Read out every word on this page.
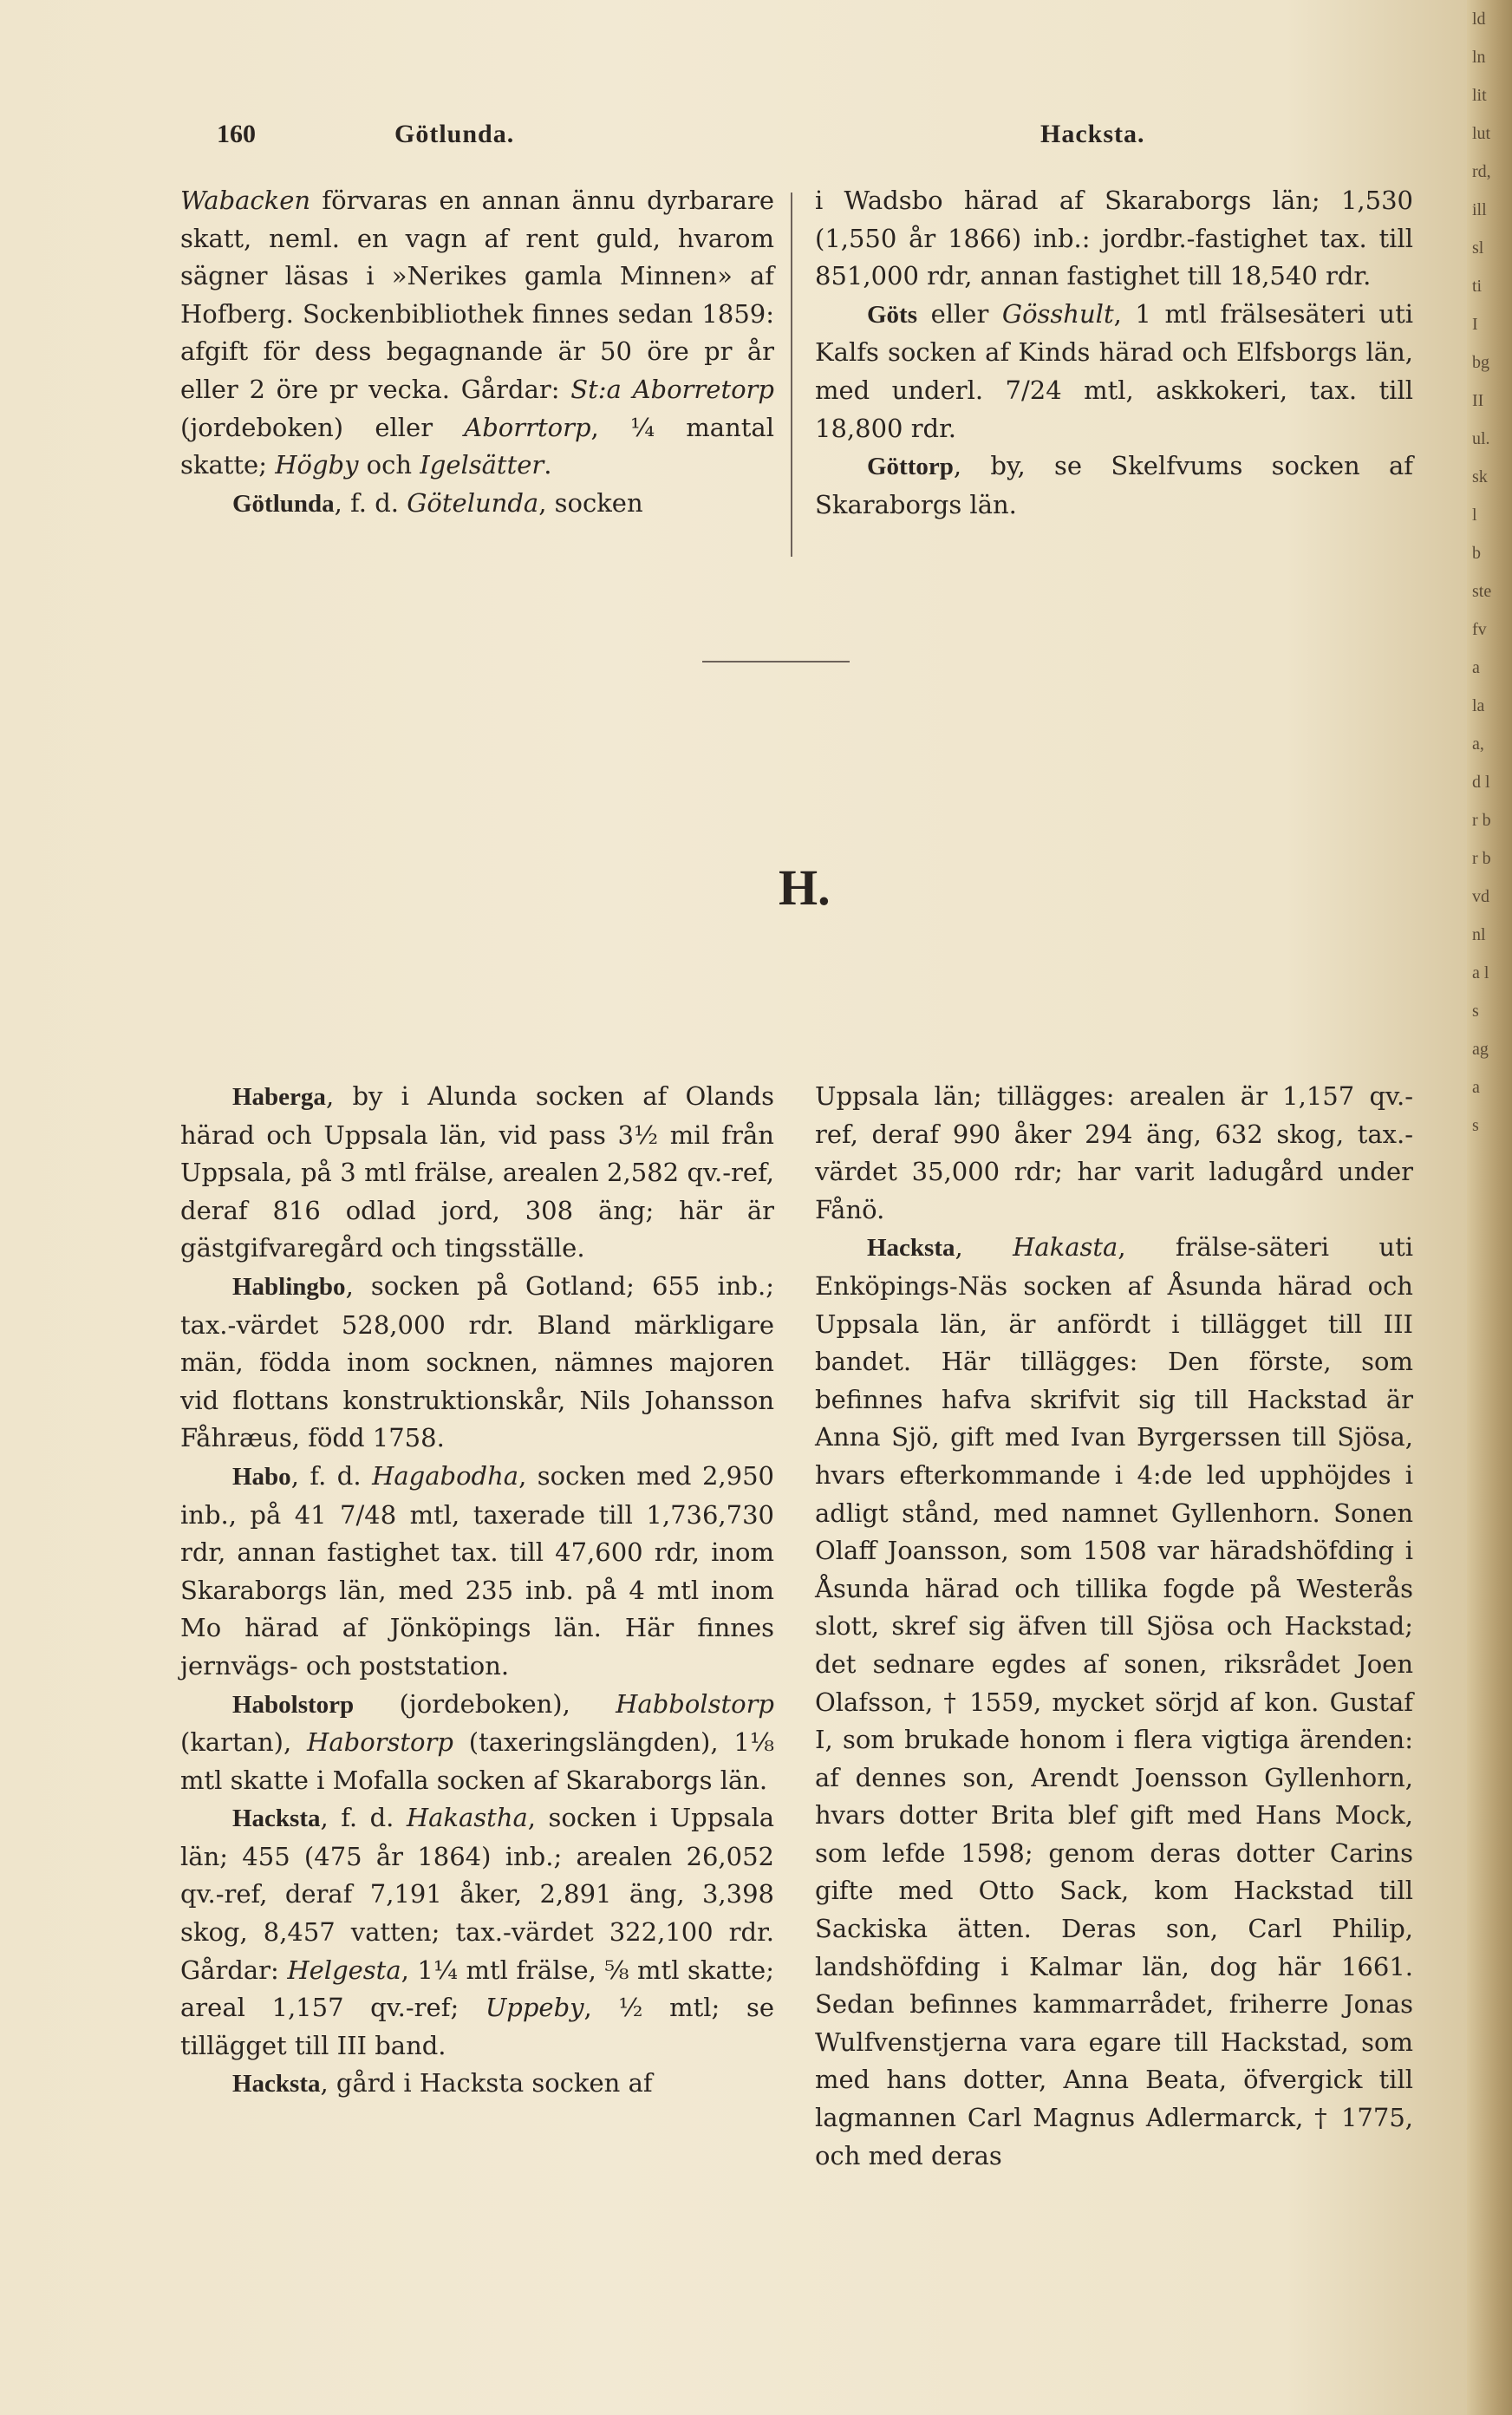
ld
ln
lit
lut
rd,
ill
sl
ti
I
bg
II
ul.
sk
l
b
ste
fv
a
la
a,
d l
r b
r b
vd
nl
a l
s
ag
a
s
160	Götlunda.	Hacksta.

Wabacken förvaras en annan ännu dyrbarare skatt, neml. en vagn af rent guld, hvarom sägner läsas i »Nerikes gamla Minnen» af Hofberg. Sockenbibliothek finnes sedan 1859: afgift för dess begagnande är 50 öre pr år eller 2 öre pr vecka. Gårdar: St:a Aborretorp (jordeboken) eller Aborrtorp, ¼ mantal skatte; Högby och Igelsätter.

Götlunda, f. d. Götelunda, socken

i Wadsbo härad af Skaraborgs län; 1,530 (1,550 år 1866) inb.: jordbr.-fastighet tax. till 851,000 rdr, annan fastighet till 18,540 rdr.

Göts eller Gösshult, 1 mtl frälsesäteri uti Kalfs socken af Kinds härad och Elfsborgs län, med underl. 7/24 mtl, askkokeri, tax. till 18,800 rdr.

Göttorp, by, se Skelfvums socken af Skaraborgs län.

H.

Haberga, by i Alunda socken af Olands härad och Uppsala län, vid pass 3½ mil från Uppsala, på 3 mtl frälse, arealen 2,582 qv.-ref, deraf 816 odlad jord, 308 äng; här är gästgifvaregård och tingsställe.

Hablingbo, socken på Gotland; 655 inb.; tax.-värdet 528,000 rdr. Bland märkligare män, födda inom socknen, nämnes majoren vid flottans konstruktionskår, Nils Johansson Fåhræus, född 1758.

Habo, f. d. Hagabodha, socken med 2,950 inb., på 41 7/48 mtl, taxerade till 1,736,730 rdr, annan fastighet tax. till 47,600 rdr, inom Skaraborgs län, med 235 inb. på 4 mtl inom Mo härad af Jönköpings län. Här finnes jernvägs- och poststation.

Habolstorp (jordeboken), Habbolstorp (kartan), Haborstorp (taxeringslängden), 1⅛ mtl skatte i Mofalla socken af Skaraborgs län.

Hacksta, f. d. Hakastha, socken i Uppsala län; 455 (475 år 1864) inb.; arealen 26,052 qv.-ref, deraf 7,191 åker, 2,891 äng, 3,398 skog, 8,457 vatten; tax.-värdet 322,100 rdr. Gårdar: Helgesta, 1¼ mtl frälse, ⅝ mtl skatte; areal 1,157 qv.-ref; Uppeby, ½ mtl; se tillägget till III band.

Hacksta, gård i Hacksta socken af

Uppsala län; tillägges: arealen är 1,157 qv.-ref, deraf 990 åker 294 äng, 632 skog, tax.-värdet 35,000 rdr; har varit ladugård under Fånö.

Hacksta, Hakasta, frälse-säteri uti Enköpings-Näs socken af Åsunda härad och Uppsala län, är anfördt i tillägget till III bandet. Här tillägges: Den förste, som befinnes hafva skrifvit sig till Hackstad är Anna Sjö, gift med Ivan Byrgerssen till Sjösa, hvars efterkommande i 4:de led upphöjdes i adligt stånd, med namnet Gyllenhorn. Sonen Olaff Joansson, som 1508 var häradshöfding i Åsunda härad och tillika fogde på Westerås slott, skref sig äfven till Sjösa och Hackstad; det sednare egdes af sonen, riksrådet Joen Olafsson, † 1559, mycket sörjd af kon. Gustaf I, som brukade honom i flera vigtiga ärenden: af dennes son, Arendt Joensson Gyllenhorn, hvars dotter Brita blef gift med Hans Mock, som lefde 1598; genom deras dotter Carins gifte med Otto Sack, kom Hackstad till Sackiska ätten. Deras son, Carl Philip, landshöfding i Kalmar län, dog här 1661. Sedan befinnes kammarrådet, friherre Jonas Wulfvenstjerna vara egare till Hackstad, som med hans dotter, Anna Beata, öfvergick till lagmannen Carl Magnus Adlermarck, † 1775, och med deras
